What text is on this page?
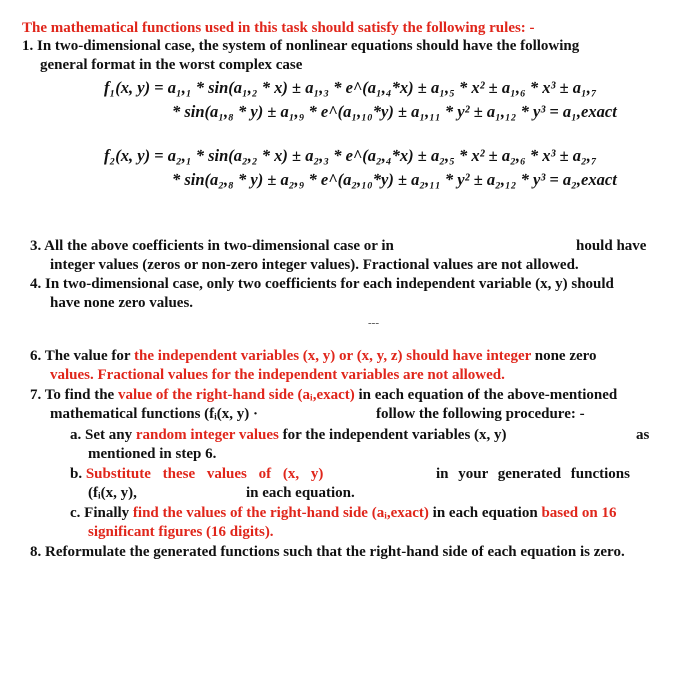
The mathematical functions used in this task should satisfy the following rules: -
1. In two-dimensional case, the system of nonlinear equations should have the following
general format in the worst complex case
f₁(x, y) = a₁,₁ * sin(a₁,₂ * x) ± a₁,₃ * e^(a₁,₄*x) ± a₁,₅ * x² ± a₁,₆ * x³ ± a₁,₇
* sin(a₁,₈ * y) ± a₁,₉ * e^(a₁,₁₀*y) ± a₁,₁₁ * y² ± a₁,₁₂ * y³ = a₁,exact
f₂(x, y) = a₂,₁ * sin(a₂,₂ * x) ± a₂,₃ * e^(a₂,₄*x) ± a₂,₅ * x² ± a₂,₆ * x³ ± a₂,₇
* sin(a₂,₈ * y) ± a₂,₉ * e^(a₂,₁₀*y) ± a₂,₁₁ * y² ± a₂,₁₂ * y³ = a₂,exact
3. All the above coefficients in two-dimensional case or in	hould have
integer values (zeros or non-zero integer values). Fractional values are not allowed.
4. In two-dimensional case, only two coefficients for each independent variable (x, y) should
have none zero values.
---
6. The value for the independent variables (x, y) or (x, y, z) should have integer none zero
values. Fractional values for the independent variables are not allowed.
7. To find the value of the right-hand side (aᵢ,exact) in each equation of the above-mentioned
mathematical functions (fᵢ(x, y) ·	follow the following procedure: -
a. Set any random integer values for the independent variables (x, y)	as
mentioned in step 6.
b. Substitute these values of (x, y)	in your generated functions
(fᵢ(x, y),	in each equation.
c. Finally find the values of the right-hand side (aᵢ,exact) in each equation based on 16
significant figures (16 digits).
8. Reformulate the generated functions such that the right-hand side of each equation is zero.
